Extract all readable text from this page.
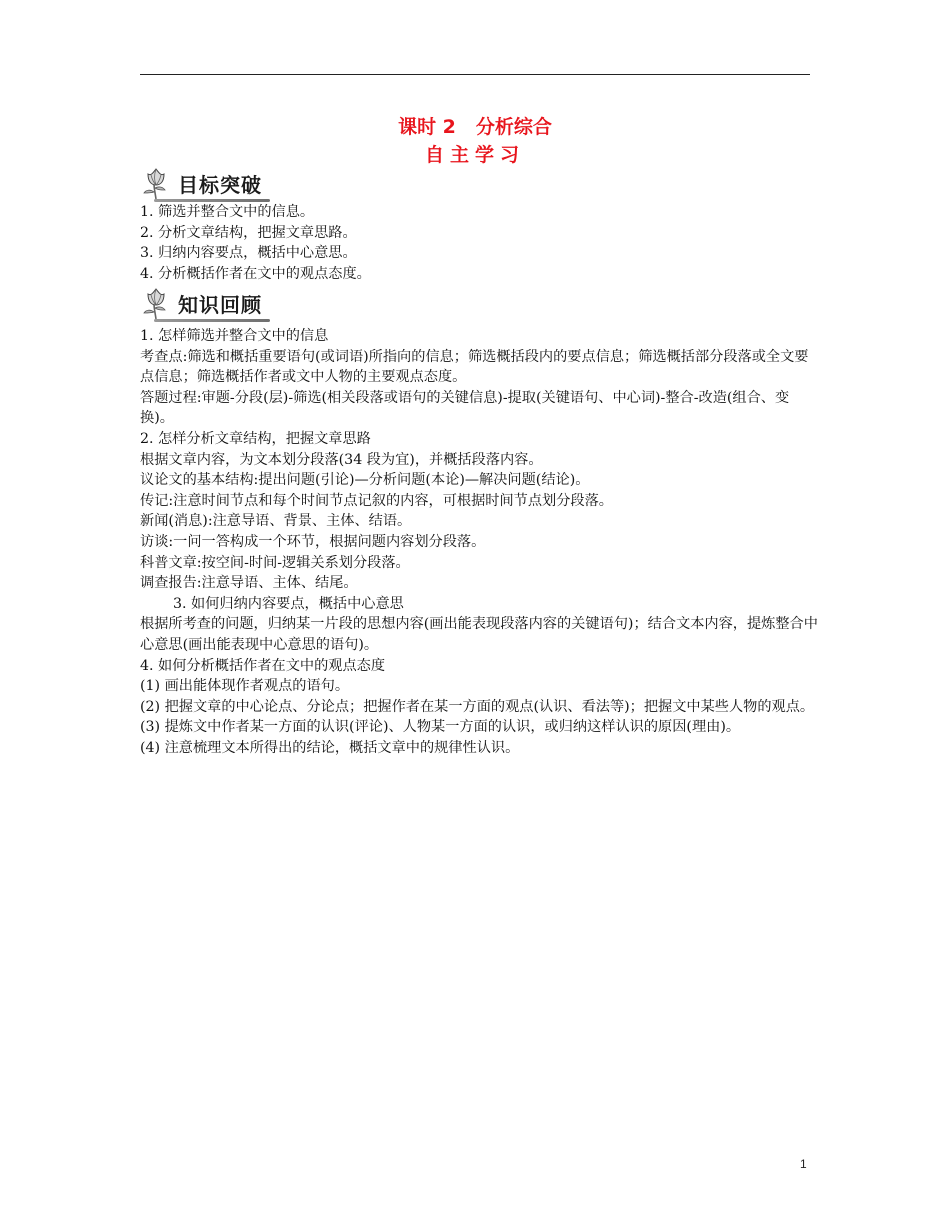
课时 2 分析综合
自主学习
目标突破

1. 筛选并整合文中的信息。

2. 分析文章结构，把握文章思路。

3. 归纳内容要点，概括中心意思。

4. 分析概括作者在文中的观点态度。

知识回顾

1. 怎样筛选并整合文中的信息

考查点:筛选和概括重要语句(或词语)所指向的信息；筛选概括段内的要点信息；筛选概括部分段落或全文要点信息；筛选概括作者或文中人物的主要观点态度。

答题过程:审题-分段(层)-筛选(相关段落或语句的关键信息)-提取(关键语句、中心词)-整合-改造(组合、变换)。

2. 怎样分析文章结构，把握文章思路

根据文章内容，为文本划分段落(34 段为宜)，并概括段落内容。

议论文的基本结构:提出问题(引论)—分析问题(本论)—解决问题(结论)。

传记:注意时间节点和每个时间节点记叙的内容，可根据时间节点划分段落。

新闻(消息):注意导语、背景、主体、结语。

访谈:一问一答构成一个环节，根据问题内容划分段落。

科普文章:按空间-时间-逻辑关系划分段落。

调查报告:注意导语、主体、结尾。

3. 如何归纳内容要点，概括中心意思

根据所考查的问题，归纳某一片段的思想内容(画出能表现段落内容的关键语句)；结合文本内容，提炼整合中心意思(画出能表现中心意思的语句)。

4. 如何分析概括作者在文中的观点态度

(1) 画出能体现作者观点的语句。

(2) 把握文章的中心论点、分论点；把握作者在某一方面的观点(认识、看法等)；把握文中某些人物的观点。

(3) 提炼文中作者某一方面的认识(评论)、人物某一方面的认识，或归纳这样认识的原因(理由)。

(4) 注意梳理文本所得出的结论，概括文章中的规律性认识。

1
